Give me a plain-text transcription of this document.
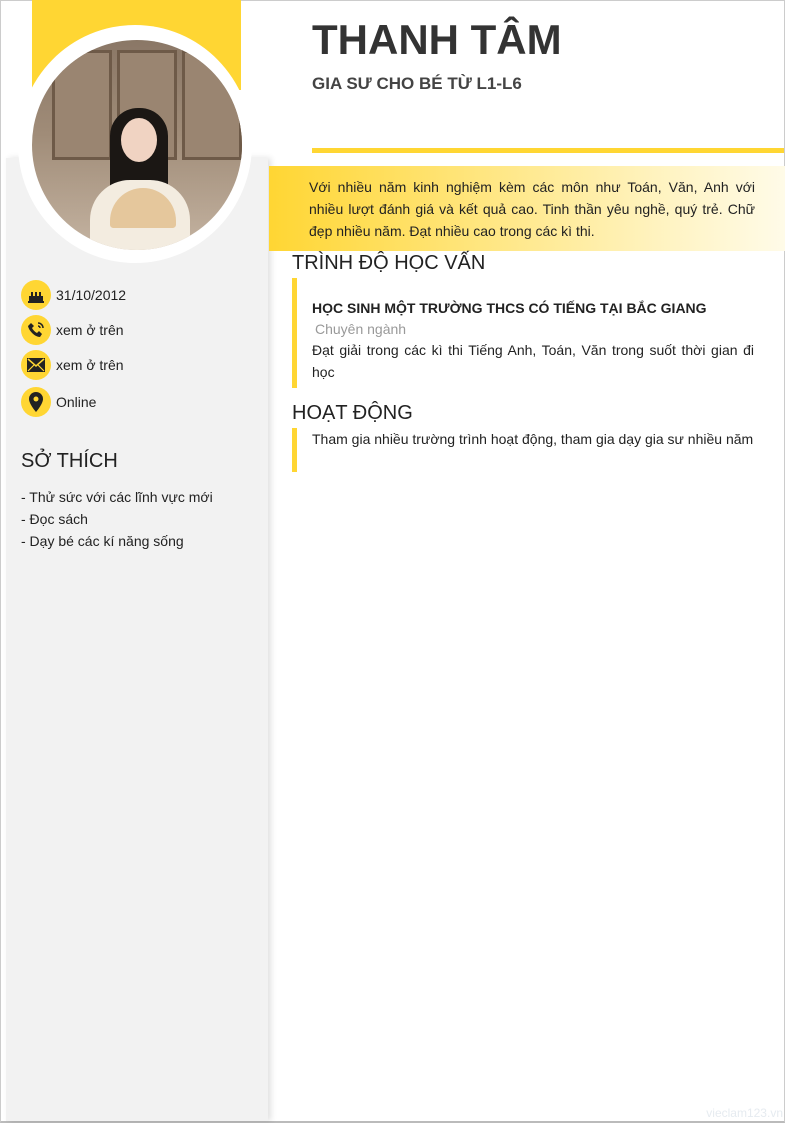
THANH TÂM
GIA SƯ CHO BÉ TỪ L1-L6
Với nhiều năm kinh nghiệm kèm các môn như Toán, Văn, Anh với nhiều lượt đánh giá và kết quả cao. Tinh thần yêu nghề, quý trẻ. Chữ đẹp nhiều năm. Đạt nhiều cao trong các kì thi.
31/10/2012
xem ở trên
xem ở trên
Online
SỞ THÍCH
- Thử sức với các lĩnh vực mới
- Đọc sách
- Dạy bé các kí năng sống
TRÌNH ĐỘ HỌC VẤN
HỌC SINH MỘT TRƯỜNG THCS CÓ TIẾNG TẠI BẮC GIANG
Chuyên ngành
Đạt giải trong các kì thi Tiếng Anh, Toán, Văn trong suốt thời gian đi học
HOẠT ĐỘNG
Tham gia nhiều trường trình hoạt động, tham gia dạy gia sư nhiều năm
vieclam123.vn
